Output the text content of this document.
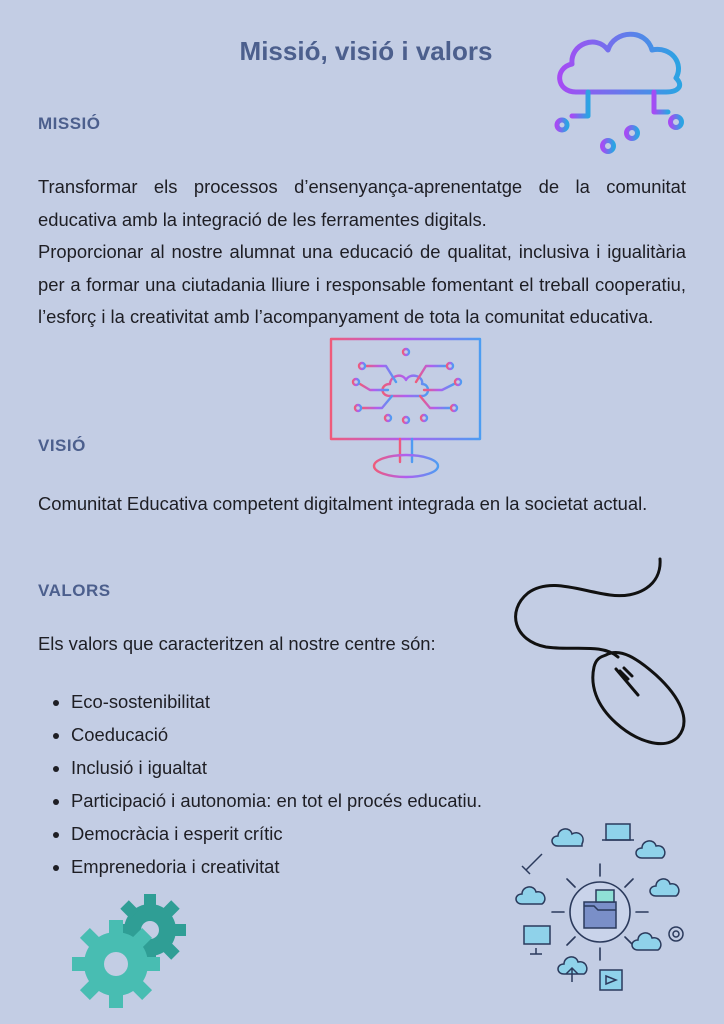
Missió, visió i valors
MISSIÓ

Transformar els processos d’ensenyança-aprenentatge de la comunitat educativa amb la integració de les ferramentes digitals.

Proporcionar al nostre alumnat una educació de qualitat, inclusiva i igualitària per a formar una ciutadania lliure i responsable fomentant el treball cooperatiu, l’esforç i la creativitat amb l’acompanyament de tota la comunitat educativa.

VISIÓ

Comunitat Educativa competent digitalment integrada en la societat actual.

VALORS

Els valors que caracteritzen al nostre centre són:

• Eco-sostenibilitat
• Coeducació
• Inclusió i igualtat
• Participació i autonomia: en tot el procés educatiu.
• Democràcia i esperit crític
• Emprenedoria i creativitat
